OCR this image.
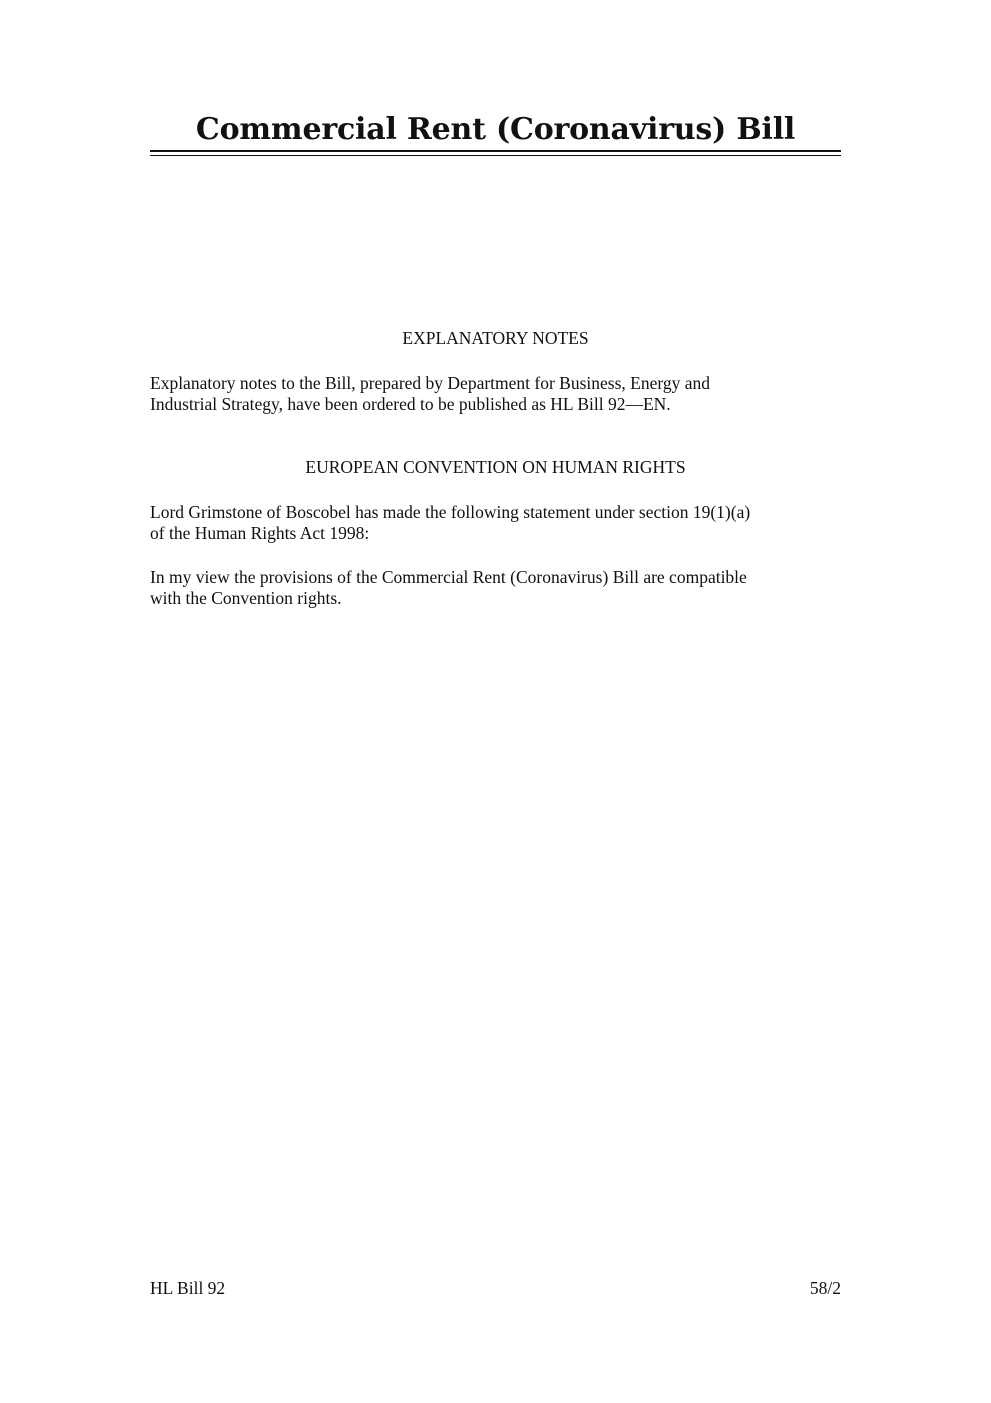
Commercial Rent (Coronavirus) Bill
EXPLANATORY NOTES
Explanatory notes to the Bill, prepared by Department for Business, Energy and
Industrial Strategy, have been ordered to be published as HL Bill 92—EN.
EUROPEAN CONVENTION ON HUMAN RIGHTS
Lord Grimstone of Boscobel has made the following statement under section 19(1)(a)
of the Human Rights Act 1998:
In my view the provisions of the Commercial Rent (Coronavirus) Bill are compatible
with the Convention rights.
HL Bill 92	58/2
